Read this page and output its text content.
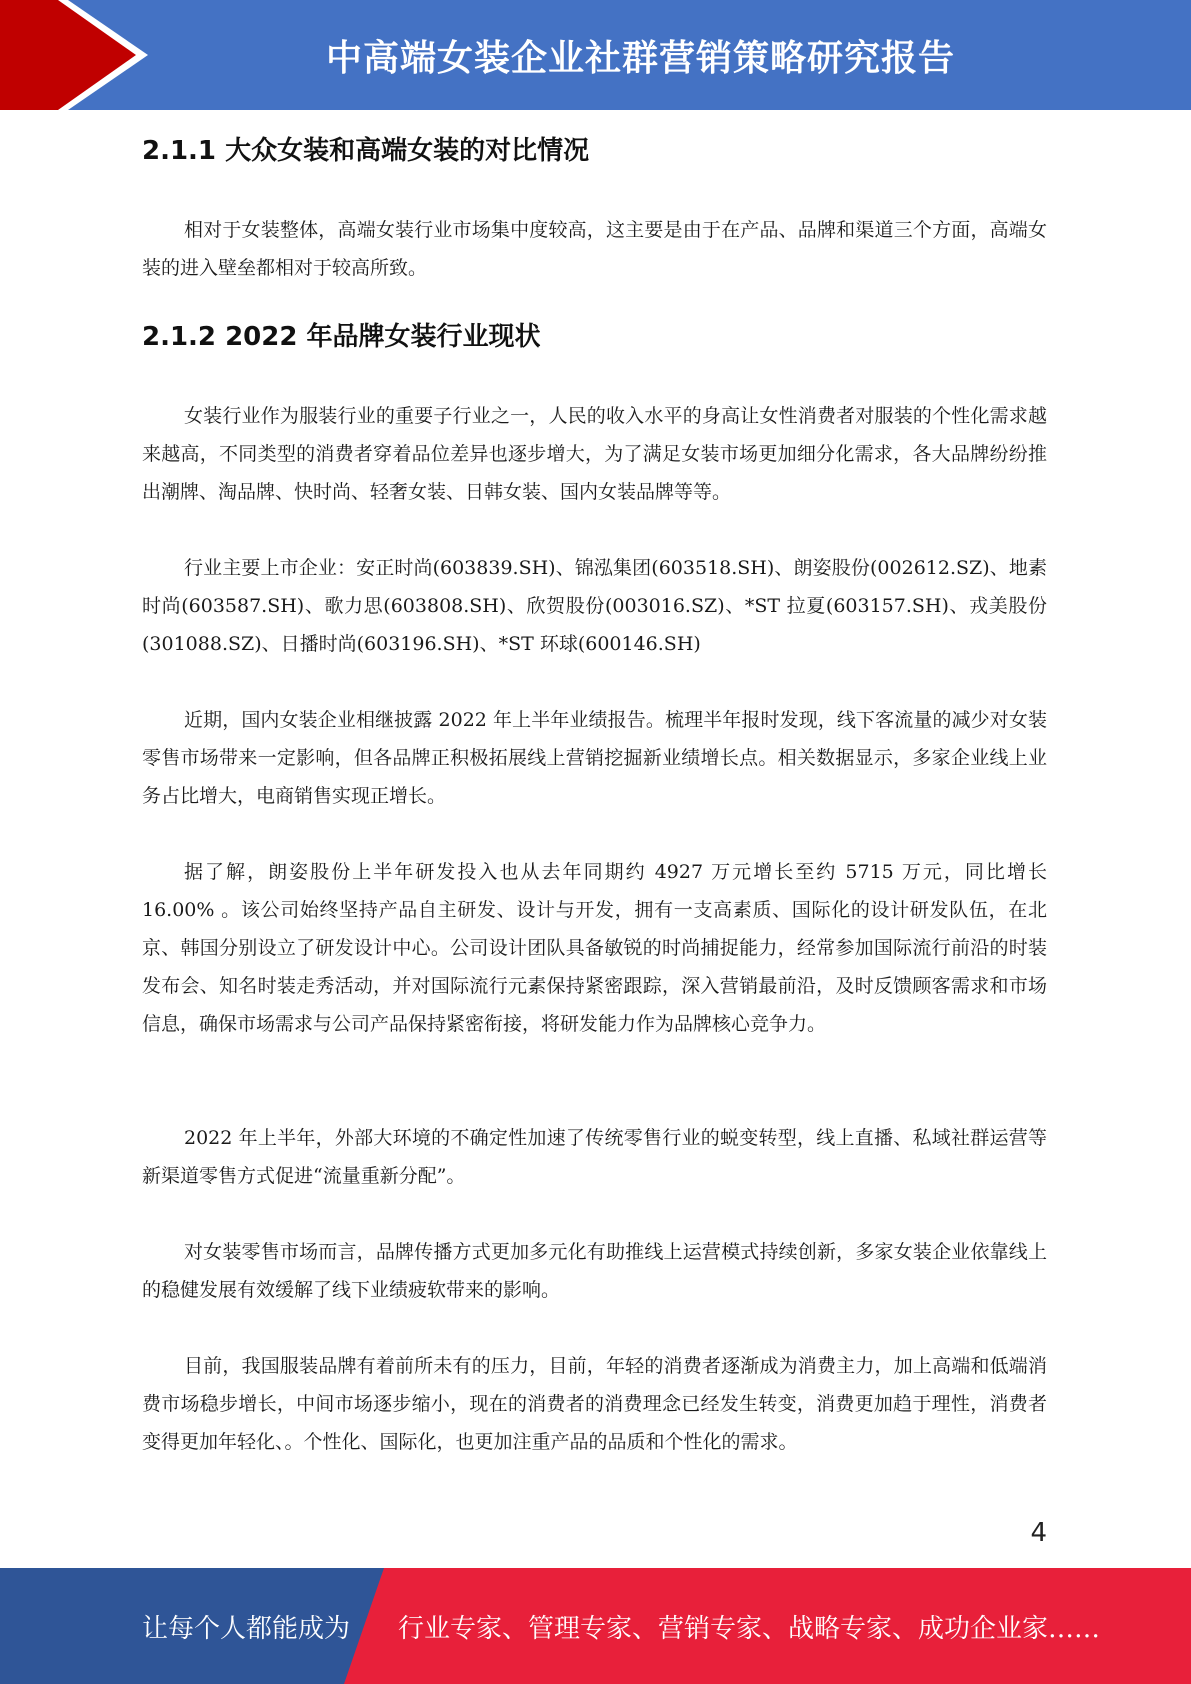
中高端女装企业社群营销策略研究报告
2.1.1 大众女装和高端女装的对比情况

相对于女装整体，高端女装行业市场集中度较高，这主要是由于在产品、品牌和渠道三个方面，高端女装的进入壁垒都相对于较高所致。

2.1.2 2022 年品牌女装行业现状

女装行业作为服装行业的重要子行业之一，人民的收入水平的身高让女性消费者对服装的个性化需求越来越高，不同类型的消费者穿着品位差异也逐步增大，为了满足女装市场更加细分化需求，各大品牌纷纷推出潮牌、淘品牌、快时尚、轻奢女装、日韩女装、国内女装品牌等等。

行业主要上市企业：安正时尚(603839.SH)、锦泓集团(603518.SH)、朗姿股份(002612.SZ)、地素时尚(603587.SH)、歌力思(603808.SH)、欣贺股份(003016.SZ)、*ST 拉夏(603157.SH)、戎美股份(301088.SZ)、日播时尚(603196.SH)、*ST 环球(600146.SH)

近期，国内女装企业相继披露 2022 年上半年业绩报告。梳理半年报时发现，线下客流量的减少对女装零售市场带来一定影响，但各品牌正积极拓展线上营销挖掘新业绩增长点。相关数据显示，多家企业线上业务占比增大，电商销售实现正增长。

据了解，朗姿股份上半年研发投入也从去年同期约 4927 万元增长至约 5715 万元，同比增长 16.00% 。该公司始终坚持产品自主研发、设计与开发，拥有一支高素质、国际化的设计研发队伍，在北京、韩国分别设立了研发设计中心。公司设计团队具备敏锐的时尚捕捉能力，经常参加国际流行前沿的时装发布会、知名时装走秀活动，并对国际流行元素保持紧密跟踪，深入营销最前沿，及时反馈顾客需求和市场信息，确保市场需求与公司产品保持紧密衔接，将研发能力作为品牌核心竞争力。

2022 年上半年，外部大环境的不确定性加速了传统零售行业的蜕变转型，线上直播、私域社群运营等新渠道零售方式促进“流量重新分配”。

对女装零售市场而言，品牌传播方式更加多元化有助推线上运营模式持续创新，多家女装企业依靠线上的稳健发展有效缓解了线下业绩疲软带来的影响。

目前，我国服装品牌有着前所未有的压力，目前，年轻的消费者逐渐成为消费主力，加上高端和低端消费市场稳步增长，中间市场逐步缩小，现在的消费者的消费理念已经发生转变，消费更加趋于理性，消费者变得更加年轻化、。个性化、国际化，也更加注重产品的品质和个性化的需求。

4
让每个人都能成为 行业专家、管理专家、营销专家、战略专家、成功企业家……
